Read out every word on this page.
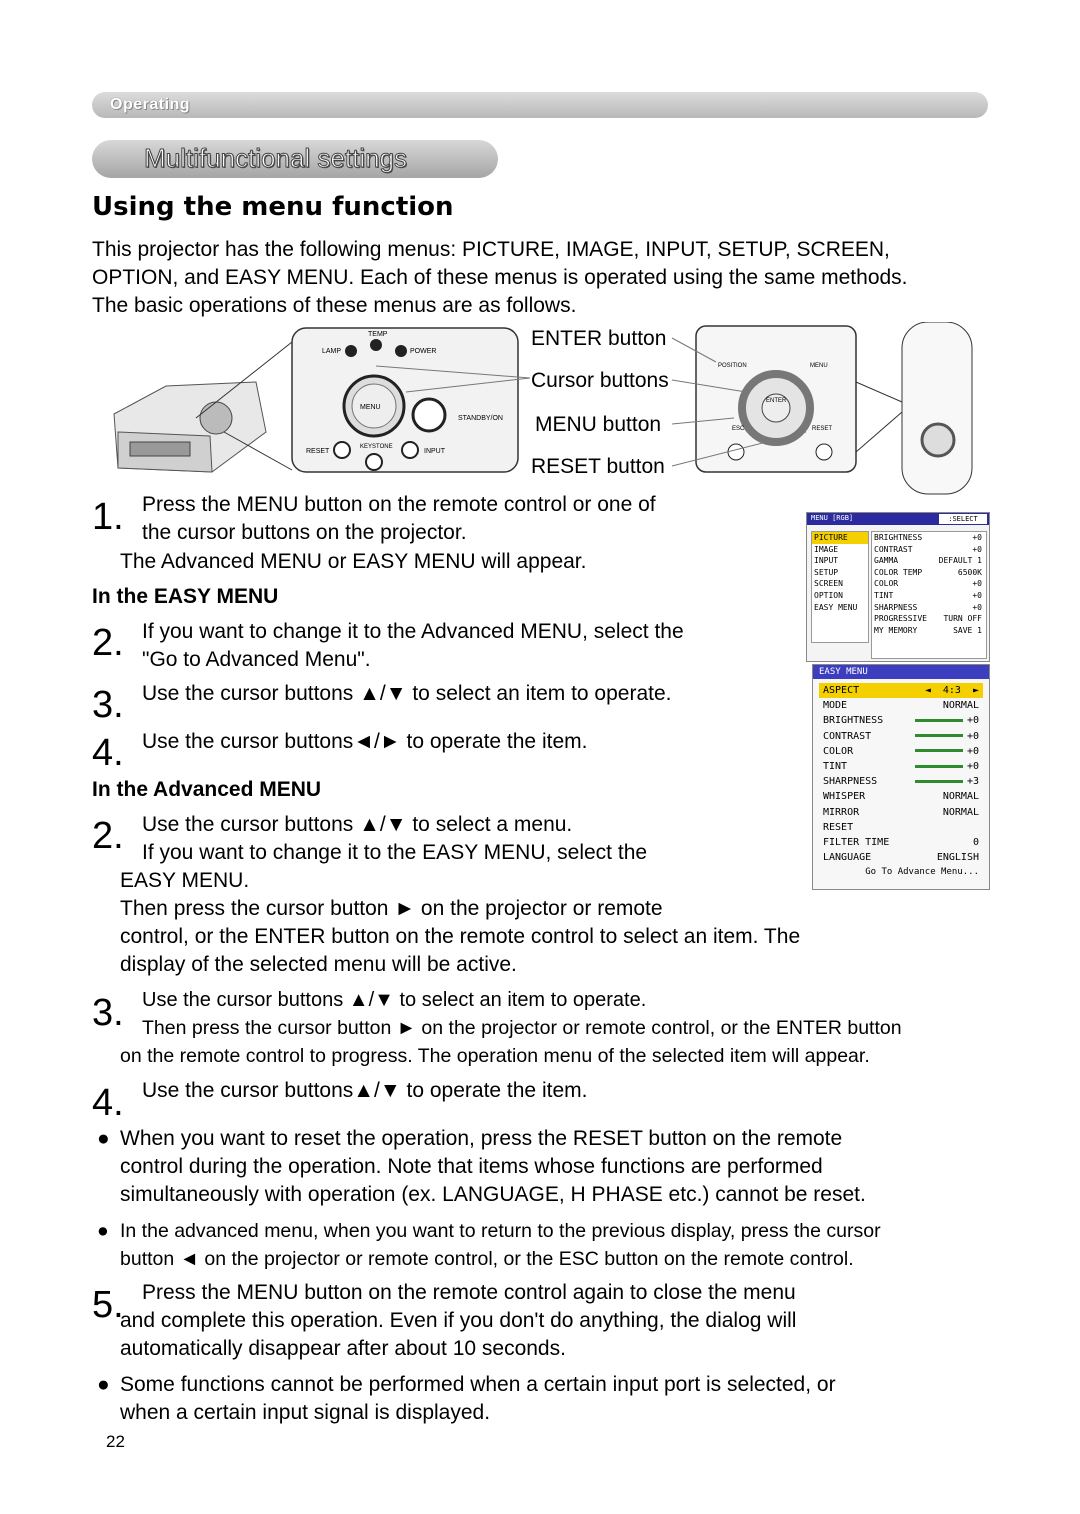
Operating
Multifunctional settings
Using the menu function
This projector has the following menus: PICTURE, IMAGE, INPUT, SETUP, SCREEN,
OPTION, and EASY MENU. Each of these menus is operated using the same methods.
The basic operations of these menus are as follows.
TEMP
LAMP	POWER
MENU
STANDBY/ON
RESET
KEYSTONE
INPUT
POSITION	MENU
ENTER
ESC	RESET
ENTER button
Cursor buttons
MENU button
RESET button
1. Press the MENU button on the remote control or one of
the cursor buttons on the projector.
The Advanced MENU or EASY MENU will appear.
In the EASY MENU
2. If you want to change it to the Advanced MENU, select the
"Go to Advanced Menu".
3. Use the cursor buttons ▲/▼ to select an item to operate.
4. Use the cursor buttons◄/► to operate the item.
In the Advanced MENU
2. Use the cursor buttons ▲/▼ to select a menu.
If you want to change it to the EASY MENU, select the
EASY MENU.
Then press the cursor button ► on the projector or remote
control, or the ENTER button on the remote control to select an item. The
display of the selected menu will be active.
3. Use the cursor buttons ▲/▼ to select an item to operate.
Then press the cursor button ► on the projector or remote control, or the ENTER button
on the remote control to progress. The operation menu of the selected item will appear.
4. Use the cursor buttons▲/▼ to operate the item.
● When you want to reset the operation, press the RESET button on the remote
control during the operation. Note that items whose functions are performed
simultaneously with operation (ex. LANGUAGE, H PHASE etc.) cannot be reset.
● In the advanced menu, when you want to return to the previous display, press the cursor
button ◄ on the projector or remote control, or the ESC button on the remote control.
5. Press the MENU button on the remote control again to close the menu
and complete this operation. Even if you don't do anything, the dialog will
automatically disappear after about 10 seconds.
● Some functions cannot be performed when a certain input port is selected, or
when a certain input signal is displayed.
22
MENU [RGB]	:SELECT
PICTURE
IMAGE
INPUT
SETUP
SCREEN
OPTION
EASY MENU
BRIGHTNESS	+0
CONTRAST	+0
GAMMA	DEFAULT 1
COLOR TEMP	6500K
COLOR	+0
TINT	+0
SHARPNESS	+0
PROGRESSIVE TURN OFF
MY MEMORY	SAVE 1
EASY MENU
ASPECT	◄  4:3  ►
MODE	NORMAL
BRIGHTNESS	+0
CONTRAST	+0
COLOR	+0
TINT	+0
SHARPNESS	+3
WHISPER	NORMAL
MIRROR	NORMAL
RESET
FILTER TIME	0
LANGUAGE	ENGLISH
Go To Advance Menu...
